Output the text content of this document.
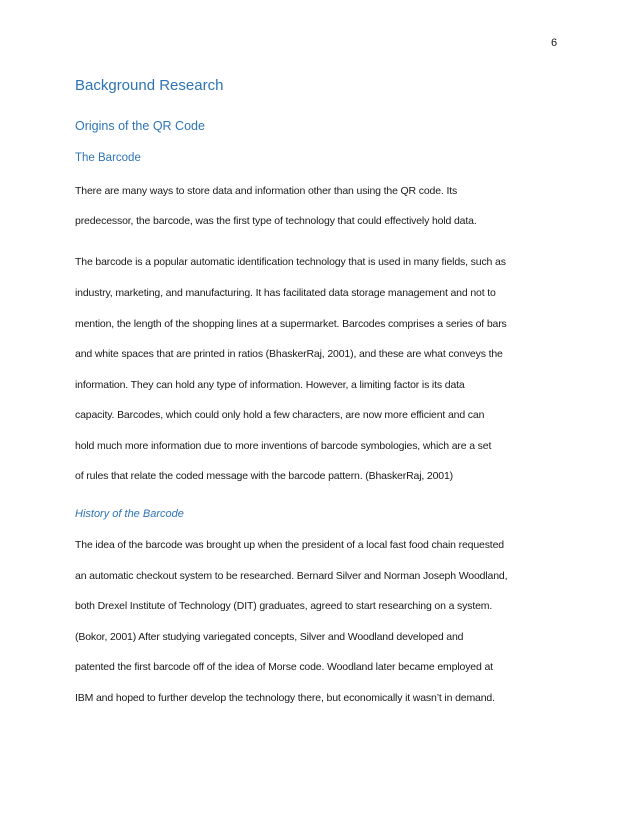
6
Background Research
Origins of the QR Code
The Barcode
There are many ways to store data and information other than using the QR code. Its
predecessor, the barcode, was the first type of technology that could effectively hold data.
The barcode is a popular automatic identification technology that is used in many fields, such as
industry, marketing, and manufacturing. It has facilitated data storage management and not to
mention, the length of the shopping lines at a supermarket. Barcodes comprises a series of bars
and white spaces that are printed in ratios (BhaskerRaj, 2001), and these are what conveys the
information. They can hold any type of information. However, a limiting factor is its data
capacity. Barcodes, which could only hold a few characters, are now more efficient and can
hold much more information due to more inventions of barcode symbologies, which are a set
of rules that relate the coded message with the barcode pattern. (BhaskerRaj, 2001)
History of the Barcode
The idea of the barcode was brought up when the president of a local fast food chain requested
an automatic checkout system to be researched. Bernard Silver and Norman Joseph Woodland,
both Drexel Institute of Technology (DIT) graduates, agreed to start researching on a system.
(Bokor, 2001) After studying variegated concepts, Silver and Woodland developed and
patented the first barcode off of the idea of Morse code. Woodland later became employed at
IBM and hoped to further develop the technology there, but economically it wasn’t in demand.
